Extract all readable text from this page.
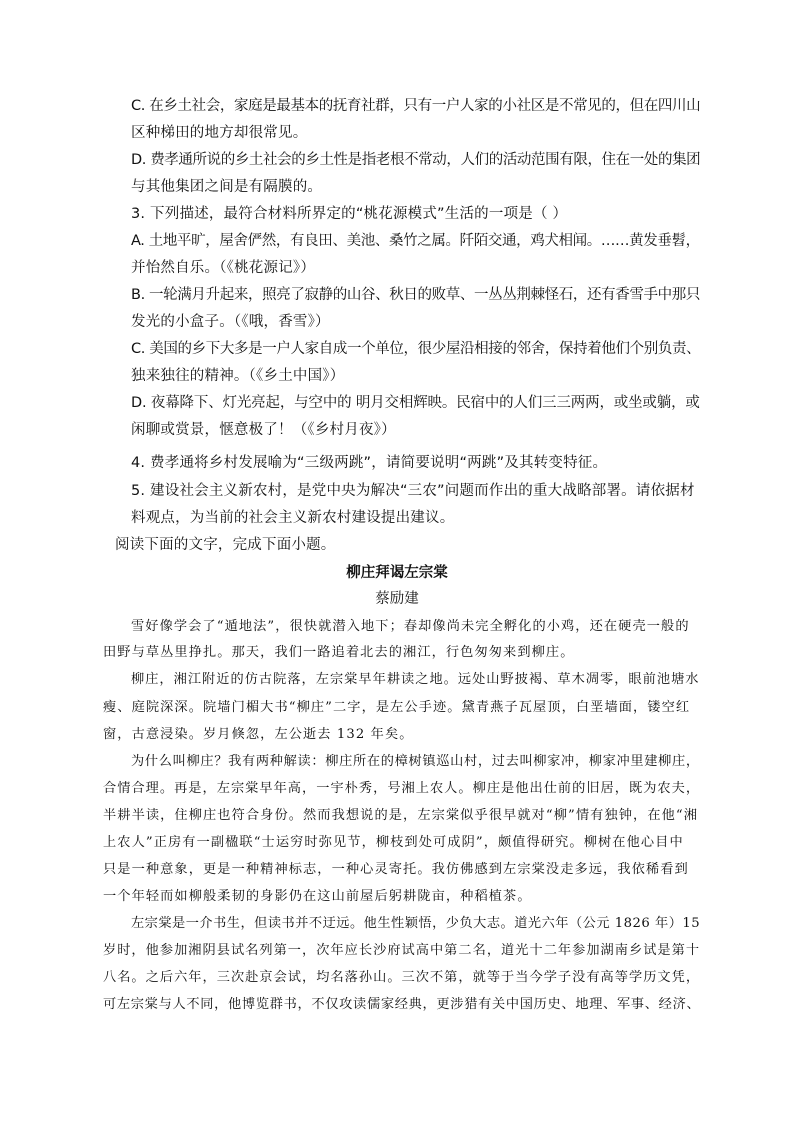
C. 在乡土社会，家庭是最基本的抚育社群，只有一户人家的小社区是不常见的，但在四川山
区种梯田的地方却很常见。
D. 费孝通所说的乡土社会的乡土性是指老根不常动，人们的活动范围有限，住在一处的集团
与其他集团之间是有隔膜的。
3. 下列描述，最符合材料所界定的“桃花源模式”生活的一项是（ ）
A. 土地平旷，屋舍俨然，有良田、美池、桑竹之属。阡陌交通，鸡犬相闻。……黄发垂髫，
并怡然自乐。（《桃花源记》）
B. 一轮满月升起来，照亮了寂静的山谷、秋日的败草、一丛丛荆棘怪石，还有香雪手中那只
发光的小盒子。（《哦，香雪》）
C. 美国的乡下大多是一户人家自成一个单位，很少屋沿相接的邻舍，保持着他们个别负责、
独来独往的精神。（《乡土中国》）
D. 夜幕降下、灯光亮起，与空中的 明月交相辉映。民宿中的人们三三两两，或坐或躺，或
闲聊或赏景，惬意极了！（《乡村月夜》）
4. 费孝通将乡村发展喻为“三级两跳”，请简要说明“两跳”及其转变特征。
5. 建设社会主义新农村，是党中央为解决“三农”问题而作出的重大战略部署。请依据材
料观点，为当前的社会主义新农村建设提出建议。
阅读下面的文字，完成下面小题。
柳庄拜谒左宗棠
蔡励建
雪好像学会了“遁地法”，很快就潜入地下；春却像尚未完全孵化的小鸡，还在硬壳一般的
田野与草丛里挣扎。那天，我们一路追着北去的湘江，行色匆匆来到柳庄。
柳庄，湘江附近的仿古院落，左宗棠早年耕读之地。远处山野披褐、草木凋零，眼前池塘水
瘦、庭院深深。院墙门楣大书“柳庄”二字，是左公手迹。黛青燕子瓦屋顶，白垩墙面，镂空红
窗，古意浸染。岁月倏忽，左公逝去 132 年矣。
为什么叫柳庄？我有两种解读：柳庄所在的樟树镇巡山村，过去叫柳家冲，柳家冲里建柳庄，
合情合理。再是，左宗棠早年高，一宇朴秀，号湘上农人。柳庄是他出仕前的旧居，既为农夫，
半耕半读，住柳庄也符合身份。然而我想说的是，左宗棠似乎很早就对“柳”情有独钟，在他“湘
上农人”正房有一副楹联“士运穷时弥见节，柳枝到处可成阴”，颇值得研究。柳树在他心目中
只是一种意象，更是一种精神标志，一种心灵寄托。我仿佛感到左宗棠没走多远，我依稀看到
一个年轻而如柳般柔韧的身影仍在这山前屋后躬耕陇亩，种稻植茶。
左宗棠是一介书生，但读书并不迂远。他生性颖悟，少负大志。道光六年（公元 1826 年）15
岁时，他参加湘阴县试名列第一，次年应长沙府试高中第二名，道光十二年参加湖南乡试是第十
八名。之后六年，三次赴京会试，均名落孙山。三次不第，就等于当今学子没有高等学历文凭，
可左宗棠与人不同，他博览群书，不仅攻读儒家经典，更涉猎有关中国历史、地理、军事、经济、
